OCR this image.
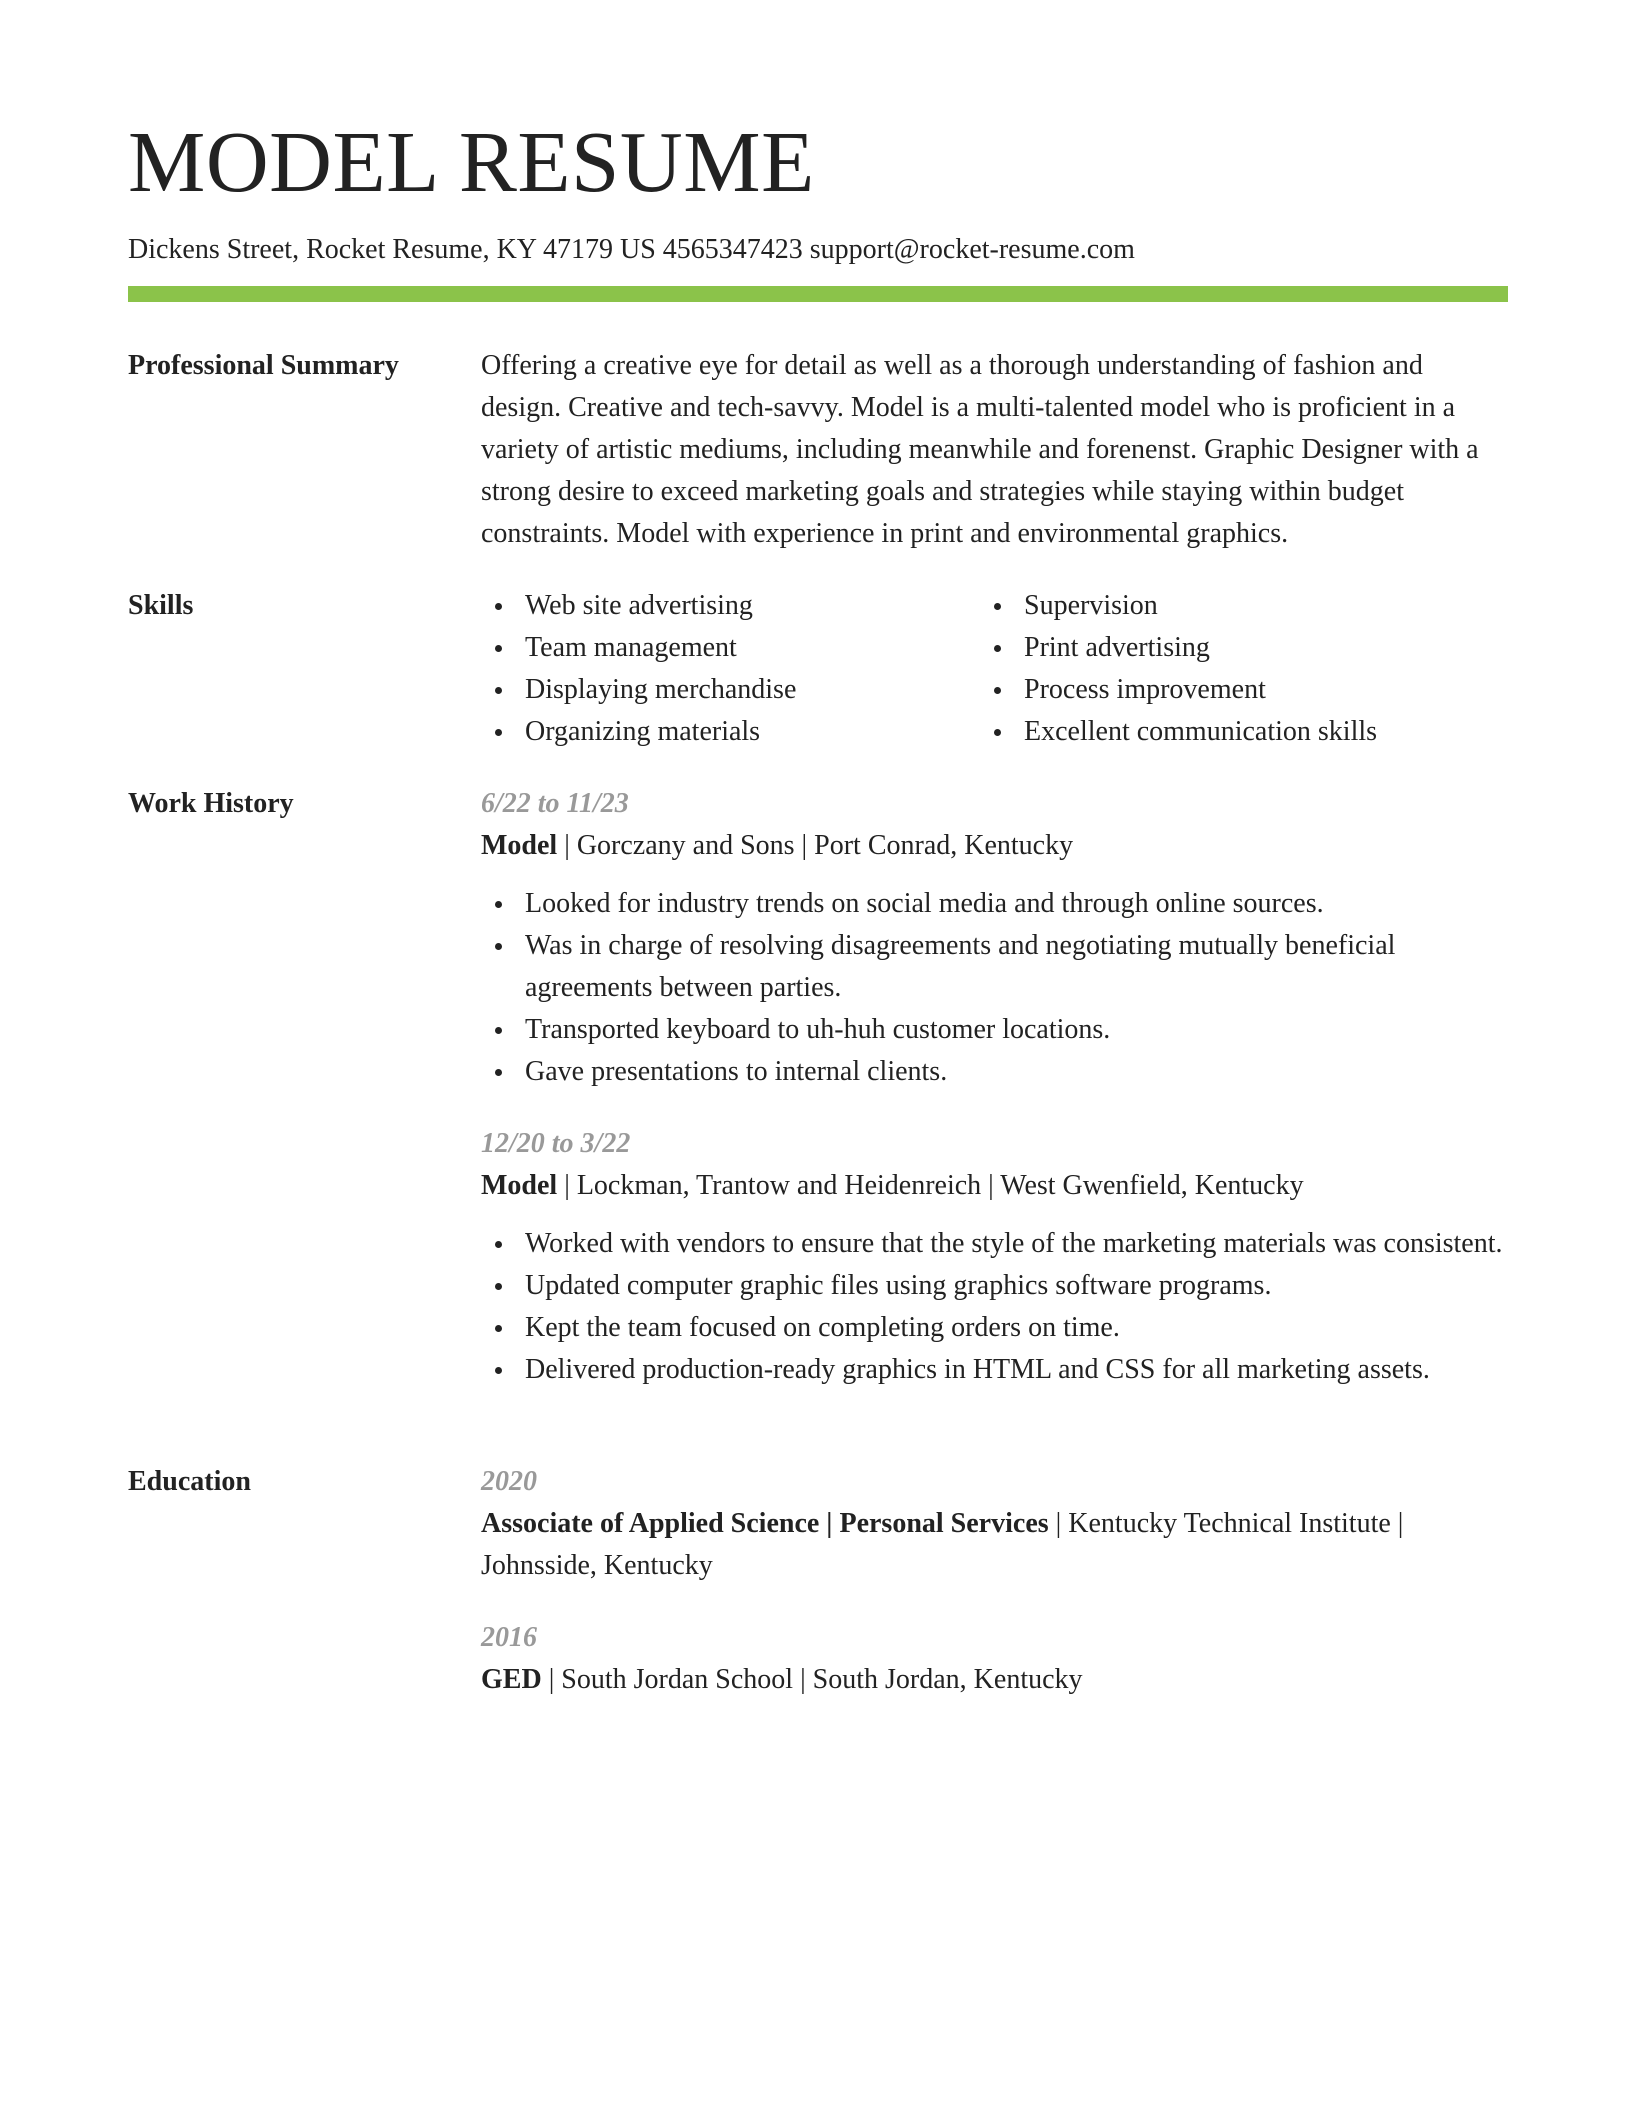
MODEL RESUME
Dickens Street, Rocket Resume, KY 47179 US 4565347423 support@rocket-resume.com
Professional Summary	Offering a creative eye for detail as well as a thorough understanding of fashion and design. Creative and tech-savvy. Model is a multi-talented model who is proficient in a variety of artistic mediums, including meanwhile and forenenst. Graphic Designer with a strong desire to exceed marketing goals and strategies while staying within budget constraints. Model with experience in print and environmental graphics.
Skills	Web site advertising
Team management
Displaying merchandise
Organizing materials
Supervision
Print advertising
Process improvement
Excellent communication skills
Work History	6/22 to 11/23
Model | Gorczany and Sons | Port Conrad, Kentucky
Looked for industry trends on social media and through online sources.
Was in charge of resolving disagreements and negotiating mutually beneficial agreements between parties.
Transported keyboard to uh-huh customer locations.
Gave presentations to internal clients.
12/20 to 3/22
Model | Lockman, Trantow and Heidenreich | West Gwenfield, Kentucky
Worked with vendors to ensure that the style of the marketing materials was consistent.
Updated computer graphic files using graphics software programs.
Kept the team focused on completing orders on time.
Delivered production-ready graphics in HTML and CSS for all marketing assets.
Education	2020
Associate of Applied Science | Personal Services | Kentucky Technical Institute | Johnsside, Kentucky
2016
GED | South Jordan School | South Jordan, Kentucky
